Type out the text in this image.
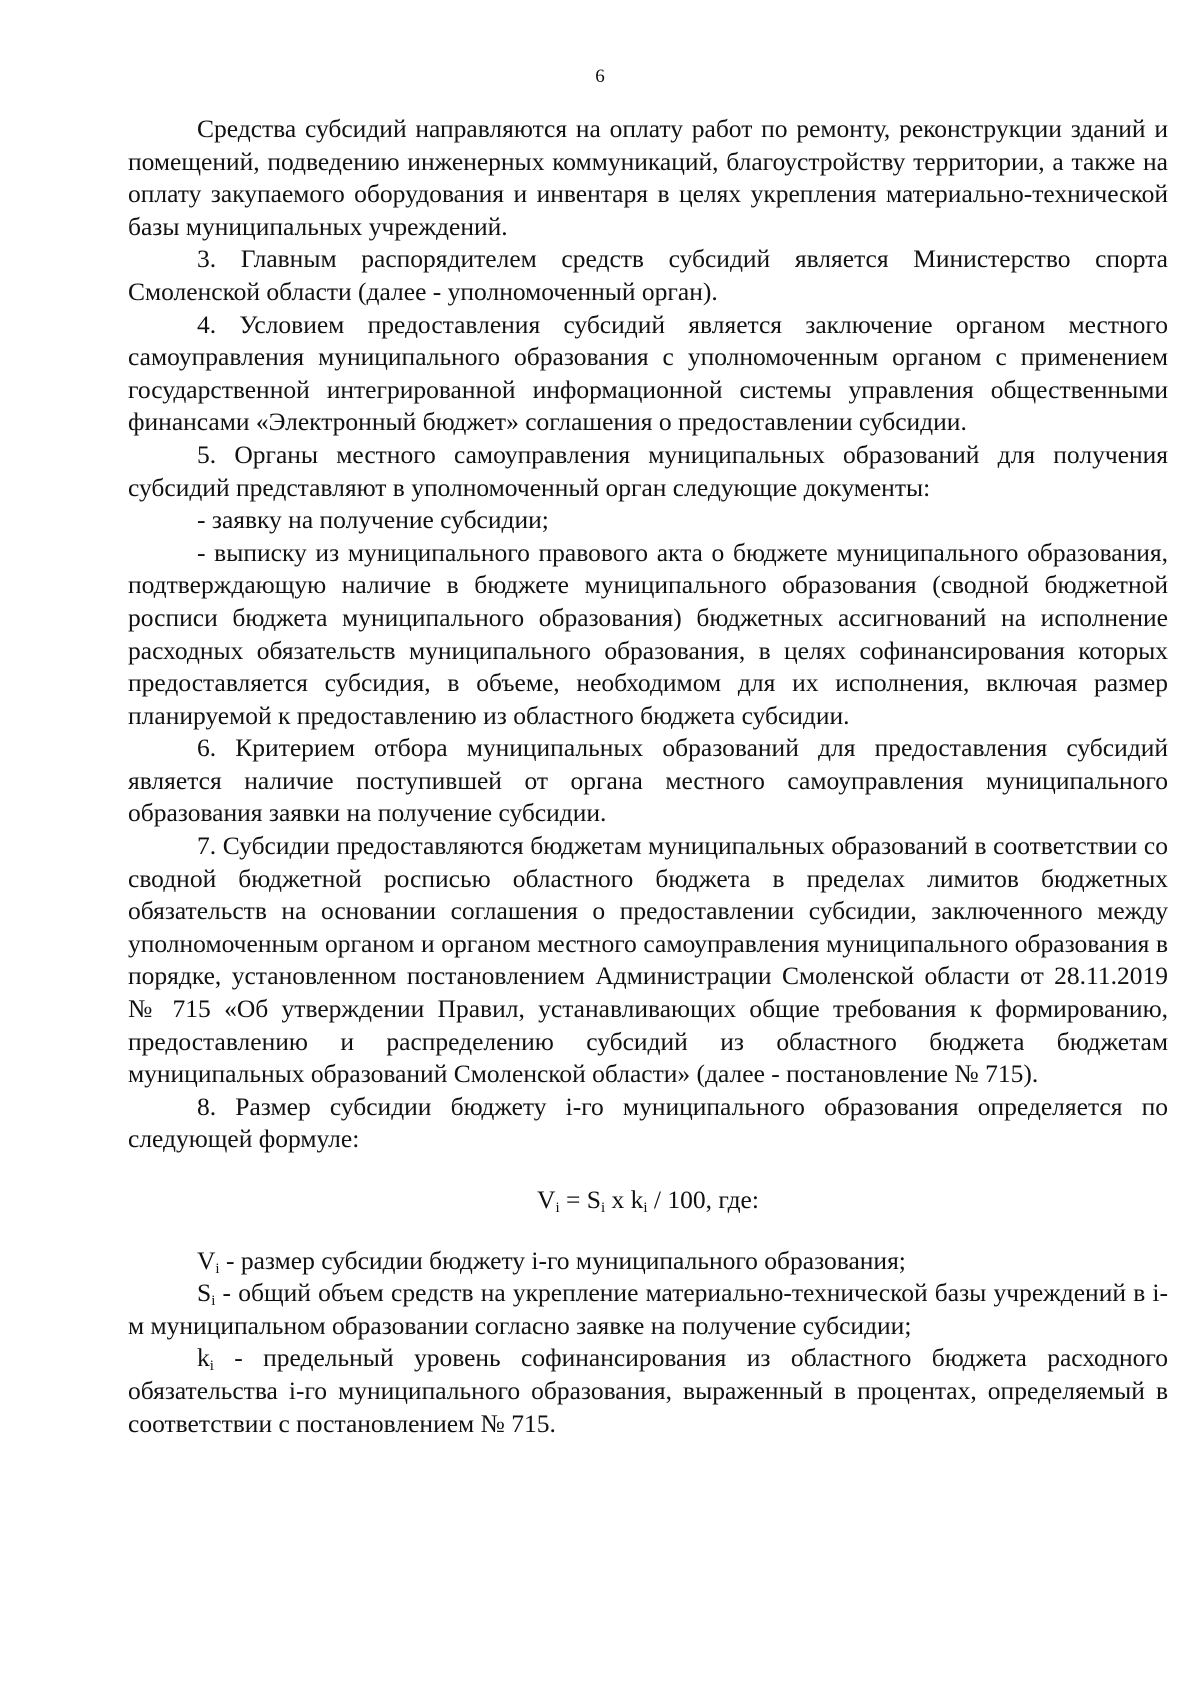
6

Средства субсидий направляются на оплату работ по ремонту, реконструкции зданий и помещений, подведению инженерных коммуникаций, благоустройству территории, а также на оплату закупаемого оборудования и инвентаря в целях укрепления материально-технической базы муниципальных учреждений.

3. Главным распорядителем средств субсидий является Министерство спорта Смоленской области (далее - уполномоченный орган).

4. Условием предоставления субсидий является заключение органом местного самоуправления муниципального образования с уполномоченным органом с применением государственной интегрированной информационной системы управления общественными финансами «Электронный бюджет» соглашения о предоставлении субсидии.

5. Органы местного самоуправления муниципальных образований для получения субсидий представляют в уполномоченный орган следующие документы:

- заявку на получение субсидии;

- выписку из муниципального правового акта о бюджете муниципального образования, подтверждающую наличие в бюджете муниципального образования (сводной бюджетной росписи бюджета муниципального образования) бюджетных ассигнований на исполнение расходных обязательств муниципального образования, в целях софинансирования которых предоставляется субсидия, в объеме, необходимом для их исполнения, включая размер планируемой к предоставлению из областного бюджета субсидии.

6. Критерием отбора муниципальных образований для предоставления субсидий является наличие поступившей от органа местного самоуправления муниципального образования заявки на получение субсидии.

7. Субсидии предоставляются бюджетам муниципальных образований в соответствии со сводной бюджетной росписью областного бюджета в пределах лимитов бюджетных обязательств на основании соглашения о предоставлении субсидии, заключенного между уполномоченным органом и органом местного самоуправления муниципального образования в порядке, установленном постановлением Администрации Смоленской области от 28.11.2019 № 715 «Об утверждении Правил, устанавливающих общие требования к формированию, предоставлению и распределению субсидий из областного бюджета бюджетам муниципальных образований Смоленской области» (далее - постановление № 715).

8. Размер субсидии бюджету i-го муниципального образования определяется по следующей формуле:

$V_i = S_i$ x $k_i / 100$, где:

$V_i$ - размер субсидии бюджету i-го муниципального образования;

$S_i$ - общий объем средств на укрепление материально-технической базы учреждений в i-м муниципальном образовании согласно заявке на получение субсидии;

$k_i$ - предельный уровень софинансирования из областного бюджета расходного обязательства i-го муниципального образования, выраженный в процентах, определяемый в соответствии с постановлением № 715.
